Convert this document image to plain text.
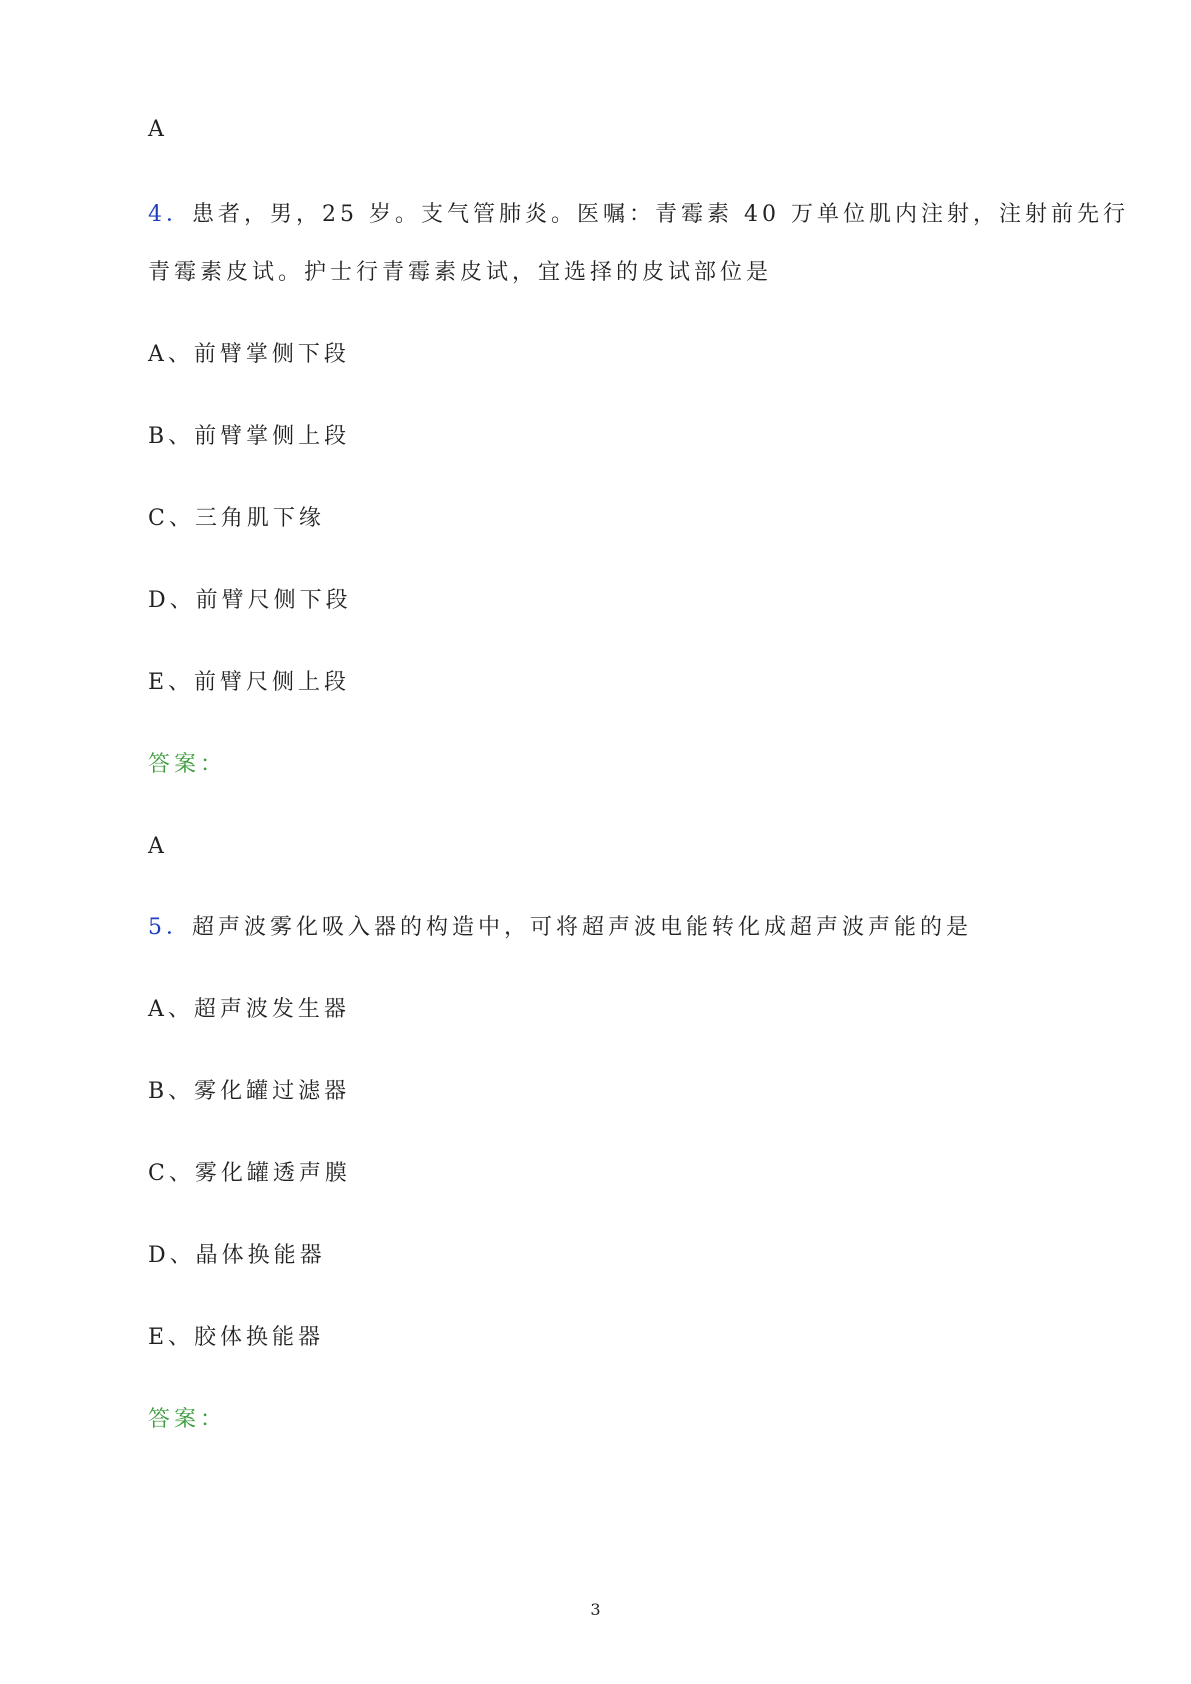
A
4．患者，男，25 岁。支气管肺炎。医嘱：青霉素 40 万单位肌内注射，注射前先行
青霉素皮试。护士行青霉素皮试，宜选择的皮试部位是
A、前臂掌侧下段
B、前臂掌侧上段
C、三角肌下缘
D、前臂尺侧下段
E、前臂尺侧上段
答案：
A
5．超声波雾化吸入器的构造中，可将超声波电能转化成超声波声能的是
A、超声波发生器
B、雾化罐过滤器
C、雾化罐透声膜
D、晶体换能器
E、胶体换能器
答案：
3
